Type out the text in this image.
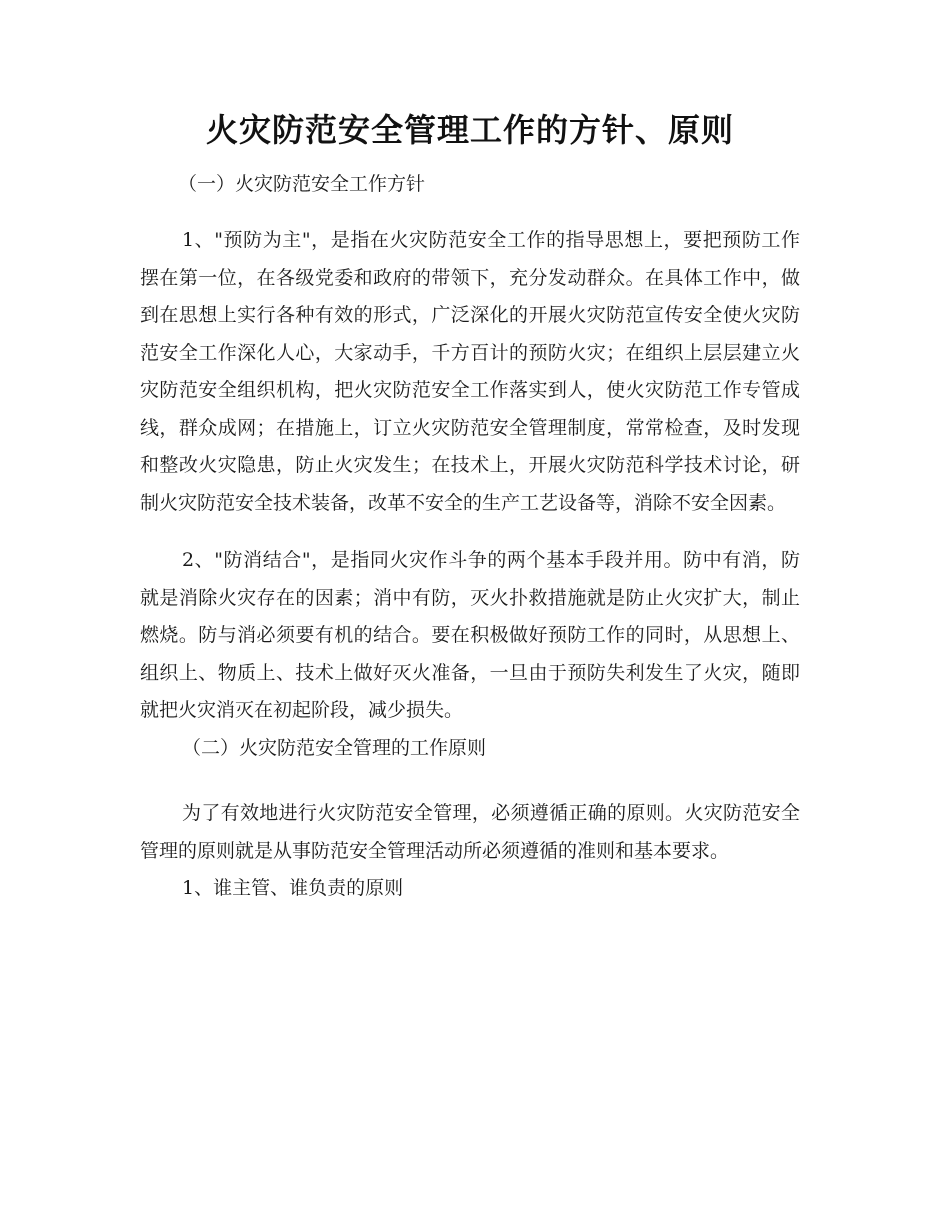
火灾防范安全管理工作的方针、原则

（一）火灾防范安全工作方针

1、"预防为主"，是指在火灾防范安全工作的指导思想上，要把预防工作摆在第一位，在各级党委和政府的带领下，充分发动群众。在具体工作中，做到在思想上实行各种有效的形式，广泛深化的开展火灾防范宣传安全使火灾防范安全工作深化人心，大家动手，千方百计的预防火灾；在组织上层层建立火灾防范安全组织机构，把火灾防范安全工作落实到人，使火灾防范工作专管成线，群众成网；在措施上，订立火灾防范安全管理制度，常常检查，及时发现和整改火灾隐患，防止火灾发生；在技术上，开展火灾防范科学技术讨论，研制火灾防范安全技术装备，改革不安全的生产工艺设备等，消除不安全因素。

2、"防消结合"，是指同火灾作斗争的两个基本手段并用。防中有消，防就是消除火灾存在的因素；消中有防，灭火扑救措施就是防止火灾扩大，制止燃烧。防与消必须要有机的结合。要在积极做好预防工作的同时，从思想上、组织上、物质上、技术上做好灭火准备，一旦由于预防失利发生了火灾，随即就把火灾消灭在初起阶段，减少损失。

（二）火灾防范安全管理的工作原则

为了有效地进行火灾防范安全管理，必须遵循正确的原则。火灾防范安全管理的原则就是从事防范安全管理活动所必须遵循的准则和基本要求。

1、谁主管、谁负责的原则
